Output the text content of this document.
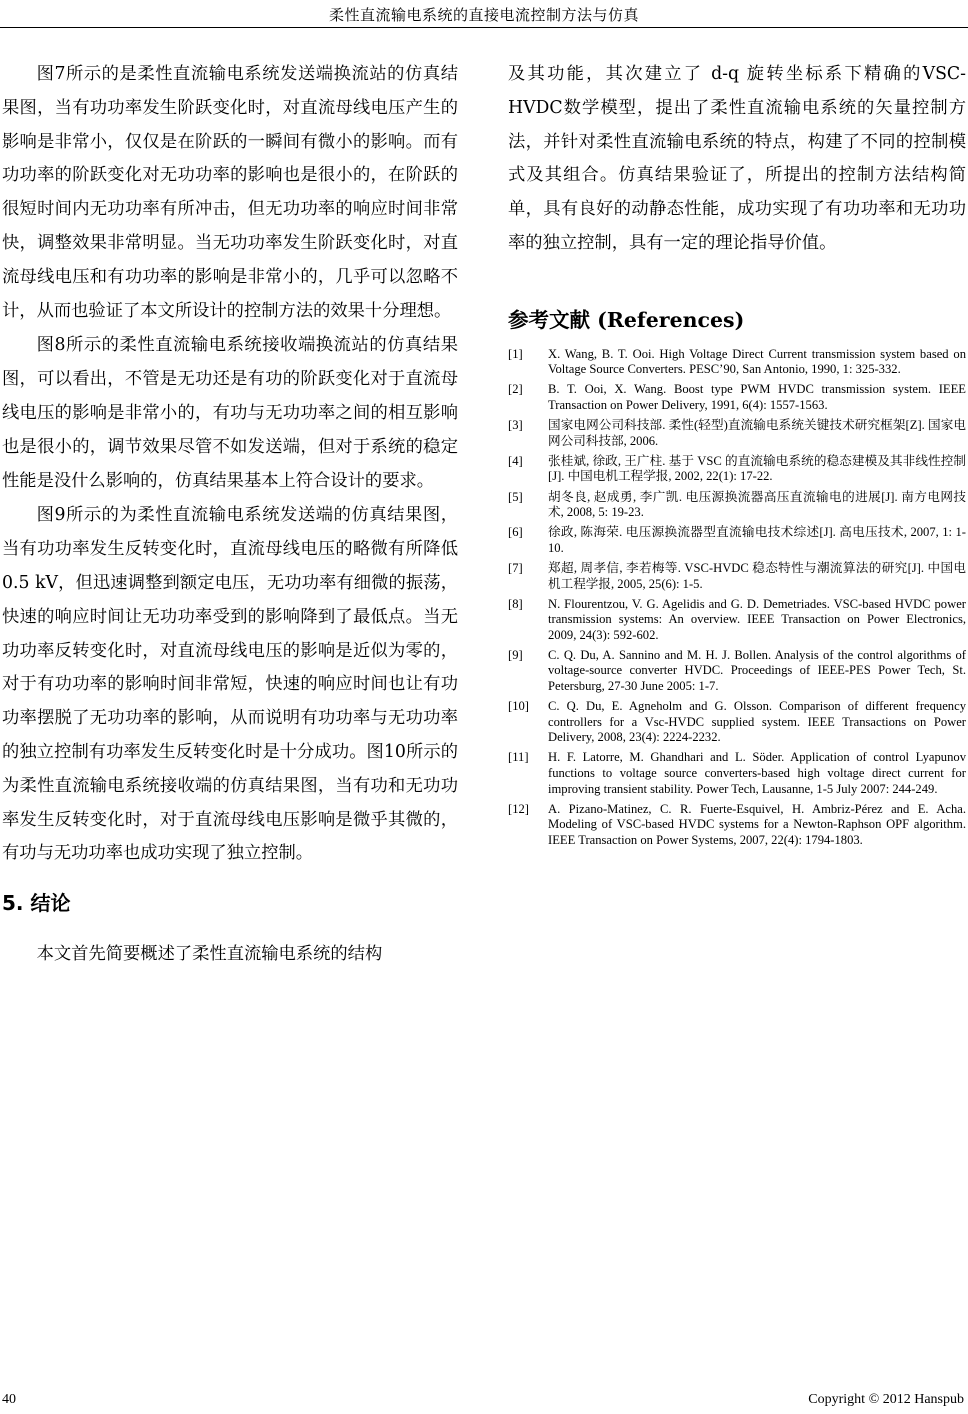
柔性直流输电系统的直接电流控制方法与仿真

图7所示的是柔性直流输电系统发送端换流站的仿真结果图，当有功功率发生阶跃变化时，对直流母线电压产生的影响是非常小，仅仅是在阶跃的一瞬间有微小的影响。而有功功率的阶跃变化对无功功率的影响也是很小的，在阶跃的很短时间内无功功率有所冲击，但无功功率的响应时间非常快，调整效果非常明显。当无功功率发生阶跃变化时，对直流母线电压和有功功率的影响是非常小的，几乎可以忽略不计，从而也验证了本文所设计的控制方法的效果十分理想。

图8所示的柔性直流输电系统接收端换流站的仿真结果图，可以看出，不管是无功还是有功的阶跃变化对于直流母线电压的影响是非常小的，有功与无功功率之间的相互影响也是很小的，调节效果尽管不如发送端，但对于系统的稳定性能是没什么影响的，仿真结果基本上符合设计的要求。

图9所示的为柔性直流输电系统发送端的仿真结果图，当有功功率发生反转变化时，直流母线电压的略微有所降低0.5 kV，但迅速调整到额定电压，无功功率有细微的振荡，快速的响应时间让无功功率受到的影响降到了最低点。当无功功率反转变化时，对直流母线电压的影响是近似为零的，对于有功功率的影响时间非常短，快速的响应时间也让有功功率摆脱了无功功率的影响，从而说明有功功率与无功功率的独立控制有功率发生反转变化时是十分成功。图10所示的为柔性直流输电系统接收端的仿真结果图，当有功和无功功率发生反转变化时，对于直流母线电压影响是微乎其微的，有功与无功功率也成功实现了独立控制。

5. 结论

本文首先简要概述了柔性直流输电系统的结构

及其功能，其次建立了 d-q 旋转坐标系下精确的VSC-HVDC数学模型，提出了柔性直流输电系统的矢量控制方法，并针对柔性直流输电系统的特点，构建了不同的控制模式及其组合。仿真结果验证了，所提出的控制方法结构简单，具有良好的动静态性能，成功实现了有功功率和无功功率的独立控制，具有一定的理论指导价值。

参考文献 (References)
[1]	X. Wang, B. T. Ooi. High Voltage Direct Current transmission system based on Voltage Source Converters. PESC’90, San Antonio, 1990, 1: 325-332.
[2]	B. T. Ooi, X. Wang. Boost type PWM HVDC transmission system. IEEE Transaction on Power Delivery, 1991, 6(4): 1557-1563.
[3]	国家电网公司科技部. 柔性(轻型)直流输电系统关键技术研究框架[Z]. 国家电网公司科技部, 2006.
[4]	张桂斌, 徐政, 王广柱. 基于 VSC 的直流输电系统的稳态建模及其非线性控制[J]. 中国电机工程学报, 2002, 22(1): 17-22.
[5]	胡冬良, 赵成勇, 李广凯. 电压源换流器高压直流输电的进展[J]. 南方电网技术, 2008, 5: 19-23.
[6]	徐政, 陈海荣. 电压源换流器型直流输电技术综述[J]. 高电压技术, 2007, 1: 1-10.
[7]	郑超, 周孝信, 李若梅等. VSC-HVDC 稳态特性与潮流算法的研究[J]. 中国电机工程学报, 2005, 25(6): 1-5.
[8]	N. Flourentzou, V. G. Agelidis and G. D. Demetriades. VSC-based HVDC power transmission systems: An overview. IEEE Transaction on Power Electronics, 2009, 24(3): 592-602.
[9]	C. Q. Du, A. Sannino and M. H. J. Bollen. Analysis of the control algorithms of voltage-source converter HVDC. Proceedings of IEEE-PES Power Tech, St. Petersburg, 27-30 June 2005: 1-7.
[10]	C. Q. Du, E. Agneholm and G. Olsson. Comparison of different frequency controllers for a Vsc-HVDC supplied system. IEEE Transactions on Power Delivery, 2008, 23(4): 2224-2232.
[11]	H. F. Latorre, M. Ghandhari and L. Söder. Application of control Lyapunov functions to voltage source converters-based high voltage direct current for improving transient stability. Power Tech, Lausanne, 1-5 July 2007: 244-249.
[12]	A. Pizano-Matinez, C. R. Fuerte-Esquivel, H. Ambriz-Pérez and E. Acha. Modeling of VSC-based HVDC systems for a Newton-Raphson OPF algorithm. IEEE Transaction on Power Systems, 2007, 22(4): 1794-1803.
40	Copyright © 2012 Hanspub
